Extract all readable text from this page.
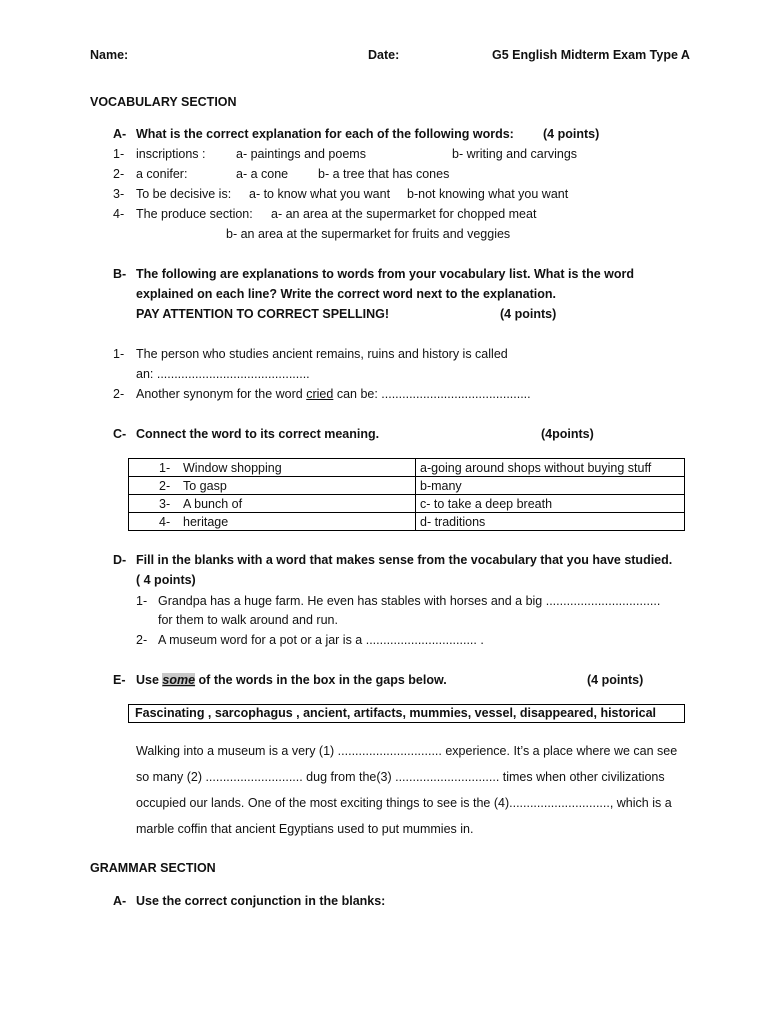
Name:	Date:	G5 English Midterm Exam Type A
VOCABULARY SECTION
A- What is the correct explanation for each of the following words: (4 points)
1- inscriptions : a- paintings and poems	b- writing and carvings
2- a conifer:	a- a cone b- a tree that has cones
3- To be decisive is: a- to know what you want b-not knowing what you want
4- The produce section: a- an area at the supermarket for chopped meat
b- an area at the supermarket for fruits and veggies
B- The following are explanations to words from your vocabulary list. What is the word
explained on each line? Write the correct word next to the explanation.
PAY ATTENTION TO CORRECT SPELLING!	(4 points)
1- The person who studies ancient remains, ruins and history is called
an: ............................................
2- Another synonym for the word cried can be: ...........................................
C- Connect the word to its correct meaning.	(4points)
1- Window shopping	a-going around shops without buying stuff
2- To gasp	b-many
3- A bunch of	c- to take a deep breath
4- heritage	d- traditions
D- Fill in the blanks with a word that makes sense from the vocabulary that you have studied.
( 4 points)
1- Grandpa has a huge farm. He even has stables with horses and a big .................................
for them to walk around and run.
2- A museum word for a pot or a jar is a ................................ .
E- Use some of the words in the box in the gaps below.	(4 points)
Fascinating , sarcophagus , ancient, artifacts, mummies, vessel, disappeared, historical
Walking into a museum is a very (1) .............................. experience. It’s a place where we can see
so many (2) ............................ dug from the(3) .............................. times when other civilizations
occupied our lands. One of the most exciting things to see is the (4)............................., which is a
marble coffin that ancient Egyptians used to put mummies in.
GRAMMAR SECTION
A- Use the correct conjunction in the blanks:
